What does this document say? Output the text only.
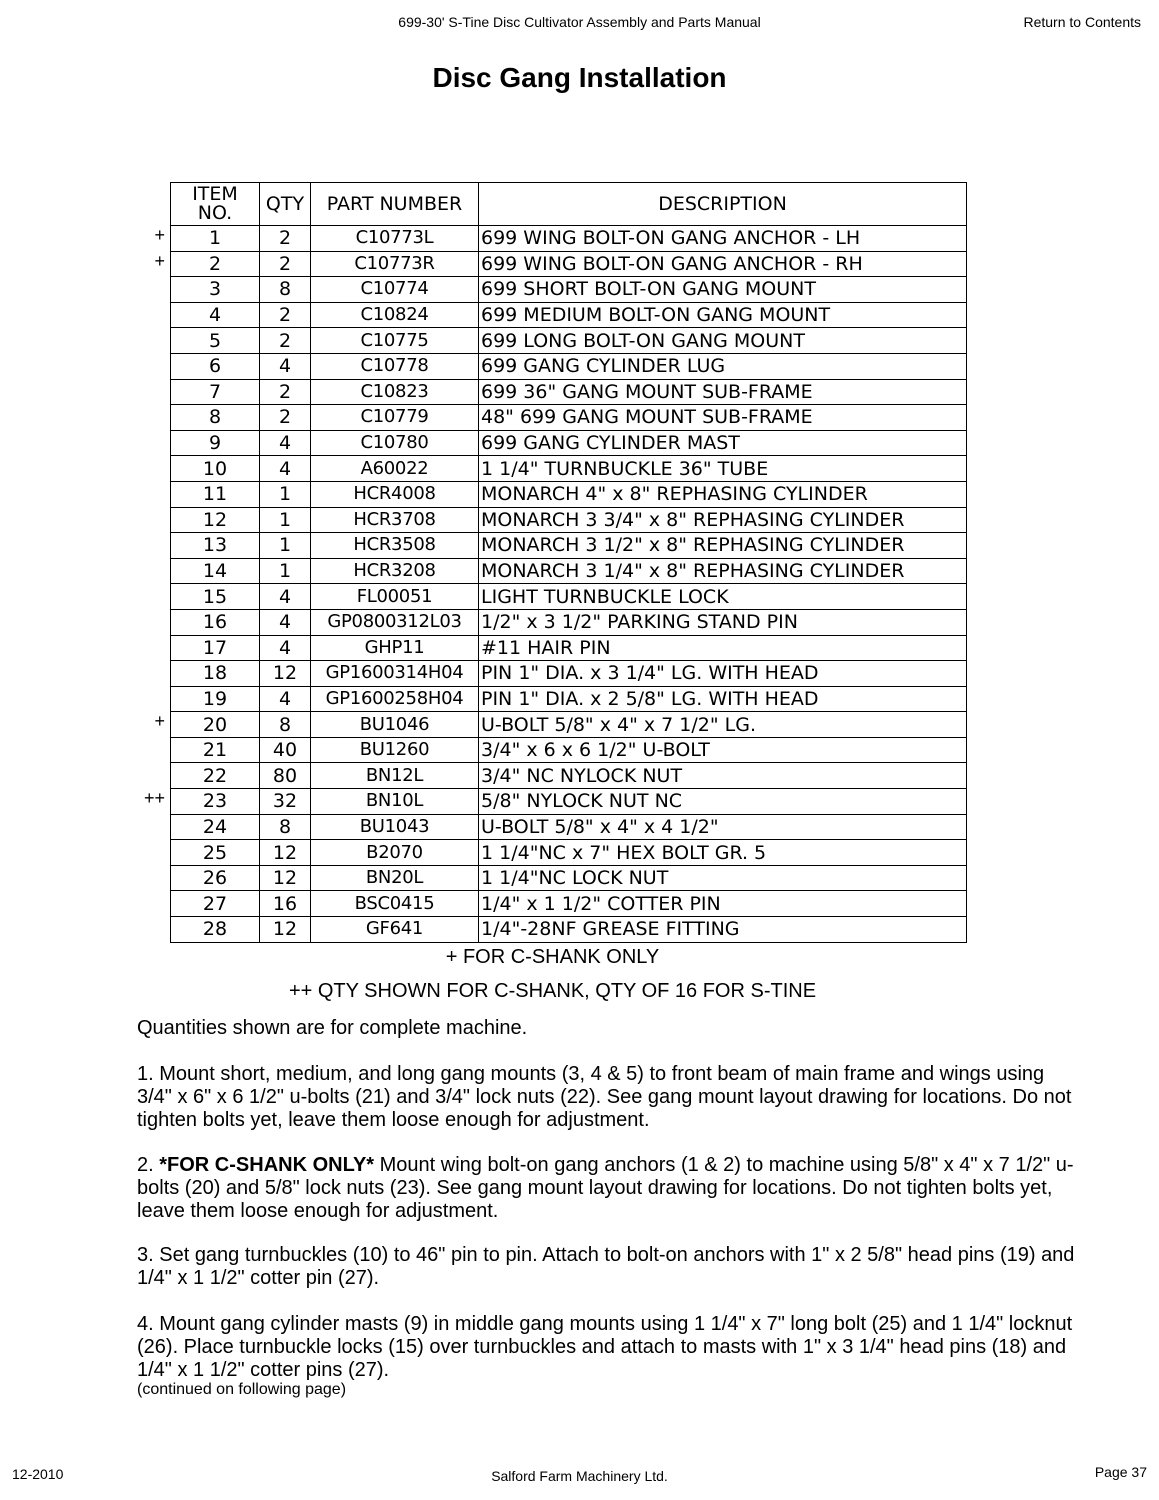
699-30' S-Tine Disc Cultivator Assembly and Parts Manual	Return to Contents
Disc Gang Installation
ITEM
NO.	QTY	PART NUMBER	DESCRIPTION
1	2	C10773L	699 WING BOLT-ON GANG ANCHOR - LH
2	2	C10773R	699 WING BOLT-ON GANG ANCHOR - RH
3	8	C10774	699 SHORT BOLT-ON GANG MOUNT
4	2	C10824	699 MEDIUM BOLT-ON GANG MOUNT
5	2	C10775	699 LONG BOLT-ON GANG MOUNT
6	4	C10778	699 GANG CYLINDER LUG
7	2	C10823	699 36" GANG MOUNT SUB-FRAME
8	2	C10779	48" 699 GANG MOUNT SUB-FRAME
9	4	C10780	699 GANG CYLINDER MAST
10	4	A60022	1 1/4" TURNBUCKLE 36" TUBE
11	1	HCR4008	MONARCH 4" x 8" REPHASING CYLINDER
12	1	HCR3708	MONARCH 3 3/4" x 8" REPHASING CYLINDER
13	1	HCR3508	MONARCH 3 1/2" x 8" REPHASING CYLINDER
14	1	HCR3208	MONARCH 3 1/4" x 8" REPHASING CYLINDER
15	4	FL00051	LIGHT TURNBUCKLE LOCK
16	4	GP0800312L03	1/2" x 3 1/2" PARKING STAND PIN
17	4	GHP11	#11 HAIR PIN
18	12	GP1600314H04	PIN 1" DIA. x 3 1/4" LG. WITH HEAD
19	4	GP1600258H04	PIN 1" DIA. x 2 5/8" LG. WITH HEAD
20	8	BU1046	U-BOLT 5/8" x 4" x 7 1/2" LG.
21	40	BU1260	3/4" x 6 x 6 1/2" U-BOLT
22	80	BN12L	3/4" NC NYLOCK NUT
23	32	BN10L	5/8" NYLOCK NUT NC
24	8	BU1043	U-BOLT 5/8" x 4" x 4 1/2"
25	12	B2070	1 1/4"NC x 7" HEX BOLT GR. 5
26	12	BN20L	1 1/4"NC LOCK NUT
27	16	BSC0415	1/4" x 1 1/2" COTTER PIN
28	12	GF641	1/4"-28NF GREASE FITTING
+
+
+
++
+ FOR C-SHANK ONLY
++ QTY SHOWN FOR C-SHANK, QTY OF 16 FOR S-TINE
Quantities shown are for complete machine.
1. Mount short, medium, and long gang mounts (3, 4 & 5) to front beam of main frame and wings using 3/4" x 6" x 6 1/2" u-bolts (21) and 3/4" lock nuts (22). See gang mount layout drawing for locations. Do not tighten bolts yet, leave them loose enough for adjustment.
2. *FOR C-SHANK ONLY* Mount wing bolt-on gang anchors (1 & 2) to machine using 5/8" x 4" x 7 1/2" u-bolts (20) and 5/8" lock nuts (23). See gang mount layout drawing for locations. Do not tighten bolts yet, leave them loose enough for adjustment.
3. Set gang turnbuckles (10) to 46" pin to pin. Attach to bolt-on anchors with 1" x 2 5/8" head pins (19) and 1/4" x 1 1/2" cotter pin (27).
4. Mount gang cylinder masts (9) in middle gang mounts using 1 1/4" x 7" long bolt (25) and 1 1/4" locknut (26). Place turnbuckle locks (15) over turnbuckles and attach to masts with 1" x 3 1/4" head pins (18) and 1/4" x 1 1/2" cotter pins (27).
(continued on following page)
12-2010	Salford Farm Machinery Ltd.	Page 37
